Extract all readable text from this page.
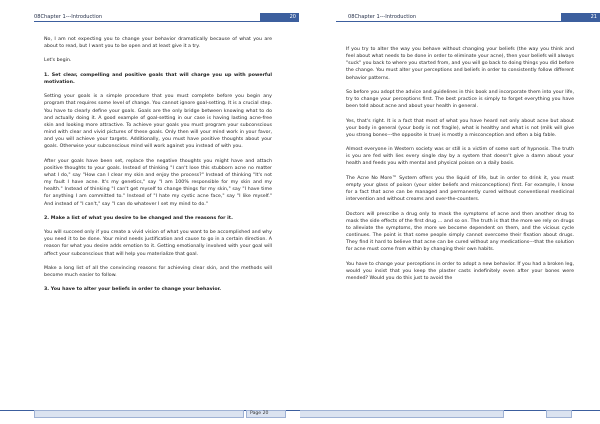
08Chapter 1---Introduction	20

No, I am not expecting you to change your behavior dramatically because of what you are about to read, but I want you to be open and at least give it a try.

Let's begin.

1. Set clear, compelling and positive goals that will charge you up with powerful motivation.

Setting your goals is a simple procedure that you must complete before you begin any program that requires some level of change. You cannot ignore goal-setting. It is a crucial step. You have to clearly define your goals. Goals are the only bridge between knowing what to do and actually doing it. A good example of goal-setting in our case is having lasting acne-free skin and looking more attractive. To achieve your goals you must program your subconscious mind with clear and vivid pictures of these goals. Only then will your mind work in your favor, and you will achieve your targets. Additionally, you must have positive thoughts about your goals. Otherwise your subconscious mind will work against you instead of with you.

After your goals have been set, replace the negative thoughts you might have and attach positive thoughts to your goals. Instead of thinking "I can't lose this stubborn acne no matter what I do," say "How can I clear my skin and enjoy the process?" Instead of thinking "It's not my fault I have acne. It's my genetics," say "I am 100% responsible for my skin and my health." Instead of thinking "I can't get myself to change things for my skin," say "I have time for anything I am committed to." Instead of "I hate my cystic acne face," say "I like myself." And instead of "I can't," say "I can do whatever I set my mind to do."

2. Make a list of what you desire to be changed and the reasons for it.

You will succeed only if you create a vivid vision of what you want to be accomplished and why you need it to be done. Your mind needs justification and cause to go in a certain direction. A reason for what you desire adds emotion to it. Getting emotionally involved with your goal will affect your subconscious that will help you materialize that goal.

Make a long list of all the convincing reasons for achieving clear skin, and the methods will become much easier to follow.

3. You have to alter your beliefs in order to change your behavior.

Page 20
08Chapter 1---Introduction	21

If you try to alter the way you behave without changing your beliefs (the way you think and feel about what needs to be done in order to eliminate your acne), then your beliefs will always "suck" you back to where you started from, and you will go back to doing things you did before the change. You must alter your perceptions and beliefs in order to consistently follow different behavior patterns.

So before you adopt the advice and guidelines in this book and incorporate them into your life, try to change your perceptions first. The best practice is simply to forget everything you have been told about acne and about your health in general.

Yes, that's right. It is a fact that most of what you have heard not only about acne but about your body in general (your body is not fragile), what is healthy and what is not (milk will give you strong bones---the opposite is true) is mostly a misconception and often a big fable.

Almost everyone in Western society was or still is a victim of some sort of hypnosis. The truth is you are fed with lies every single day by a system that doesn't give a damn about your health and feeds you with mental and physical poison on a daily basis.

The Acne No More™ System offers you the liquid of life, but in order to drink it, you must empty your glass of poison (your older beliefs and misconceptions) first. For example, I know for a fact that acne can be managed and permanently cured without conventional medicinal intervention and without creams and over-the-counters.

Doctors will prescribe a drug only to mask the symptoms of acne and then another drug to mask the side effects of the first drug ... and so on. The truth is that the more we rely on drugs to alleviate the symptoms, the more we become dependent on them, and the vicious cycle continues. The point is that some people simply cannot overcome their fixation about drugs. They find it hard to believe that acne can be cured without any medications---that the solution for acne must come from within by changing their own habits.

You have to change your perceptions in order to adopt a new behavior. If you had a broken leg, would you insist that you keep the plaster casts indefinitely even after your bones were mended? Would you do this just to avoid the
